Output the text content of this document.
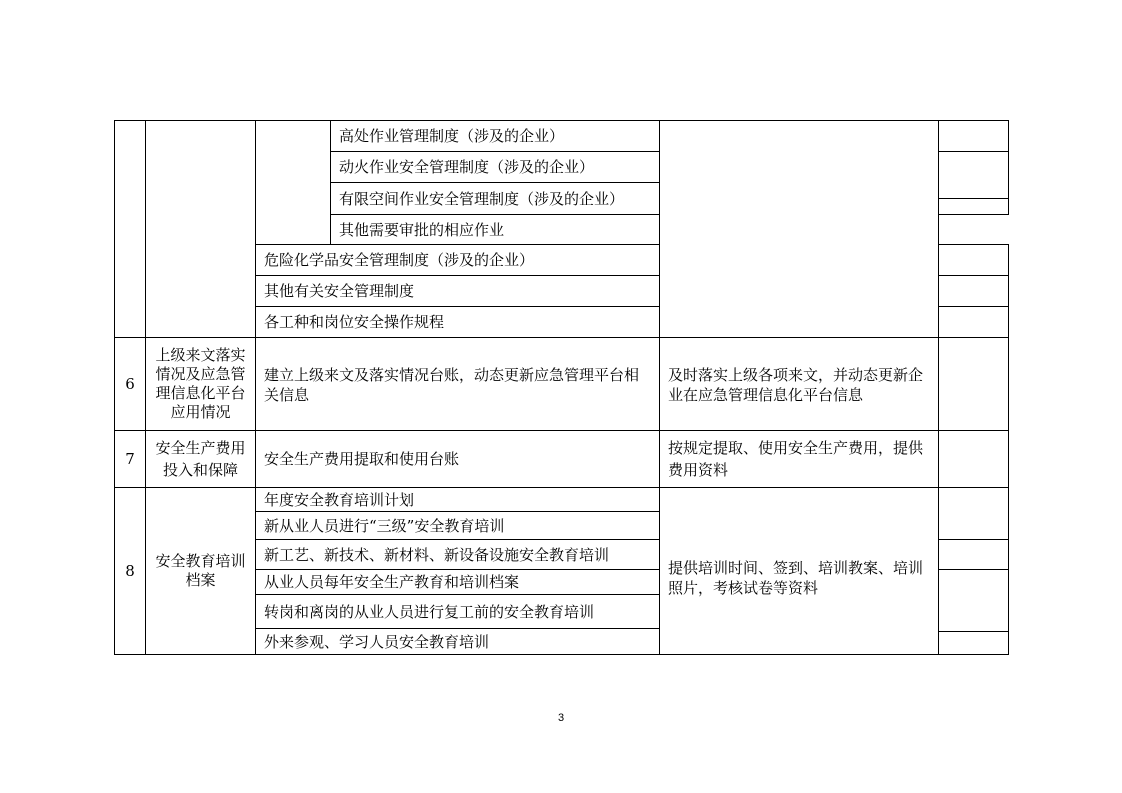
			高处作业管理制度（涉及的企业）		
			动火作业安全管理制度（涉及的企业）		

			有限空间作业安全管理制度（涉及的企业）		
			其他需要审批的相应作业		
		危险化学品安全管理制度（涉及的企业）			
		其他有关安全管理制度			
		各工种和岗位安全操作规程			
6	上级来文落实情况及应急管理信息化平台应用情况	建立上级来文及落实情况台账，动态更新应急管理平台相关信息		及时落实上级各项来文，并动态更新企业在应急管理信息化平台信息	
7	安全生产费用投入和保障	安全生产费用提取和使用台账		按规定提取、使用安全生产费用，提供费用资料	
8	安全教育培训档案	年度安全教育培训计划		提供培训时间、签到、培训教案、培训照片，考核试卷等资料	
		新从业人员进行“三级”安全教育培训			
		新工艺、新技术、新材料、新设备设施安全教育培训			
		从业人员每年安全生产教育和培训档案			

		转岗和离岗的从业人员进行复工前的安全教育培训			
		外来参观、学习人员安全教育培训			
3
